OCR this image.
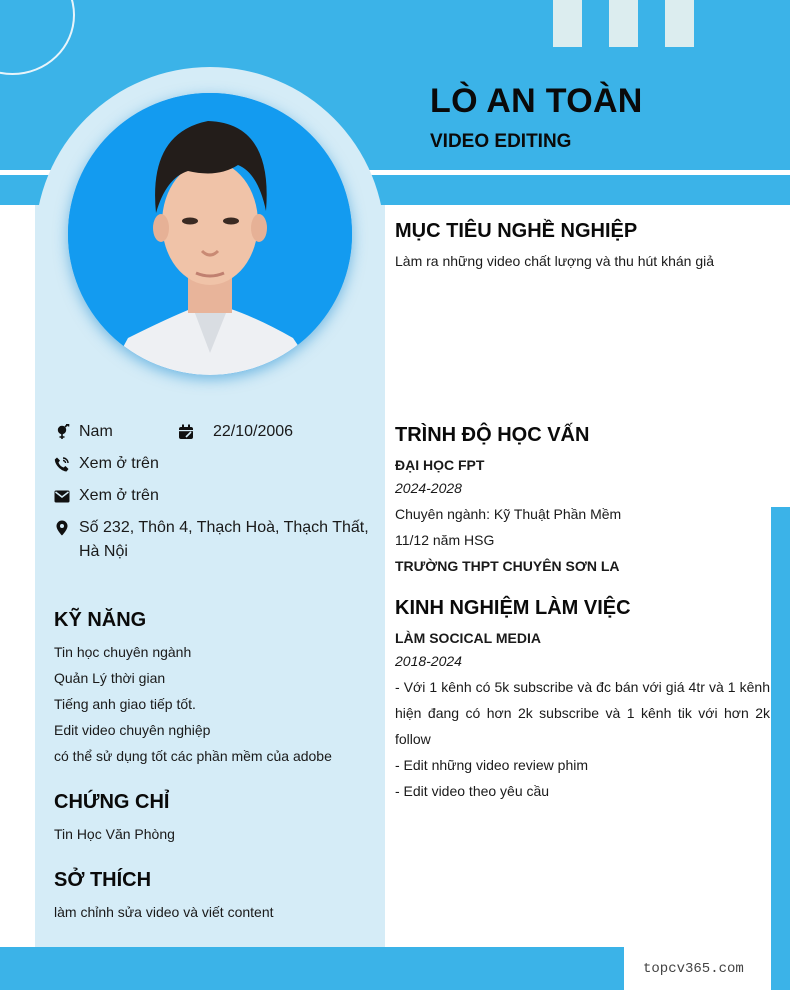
LÒ AN TOÀN
VIDEO EDITING
Nam	22/10/2006
Xem ở trên
Xem ở trên
Số 232, Thôn 4, Thạch Hoà, Thạch Thất,
Hà Nội
KỸ NĂNG
Tin học chuyên ngành
Quản Lý thời gian
Tiếng anh giao tiếp tốt.
Edit video chuyên nghiệp
có thể sử dụng tốt các phần mềm của adobe
CHỨNG CHỈ
Tin Học Văn Phòng
SỞ THÍCH
làm chỉnh sửa video và viết content
MỤC TIÊU NGHỀ NGHIỆP
Làm ra những video chất lượng và thu hút khán giả
TRÌNH ĐỘ HỌC VẤN
ĐẠI HỌC FPT
2024-2028
Chuyên ngành: Kỹ Thuật Phần Mềm
11/12 năm HSG
TRƯỜNG THPT CHUYÊN SƠN LA
KINH NGHIỆM LÀM VIỆC
LÀM SOCICAL MEDIA
2018-2024
- Với 1 kênh có 5k subscribe và đc bán với giá 4tr và 1 kênh hiện đang có hơn 2k subscribe và 1 kênh tik với hơn 2k follow
- Edit những video review phim
- Edit video theo yêu cầu
topcv365.com
